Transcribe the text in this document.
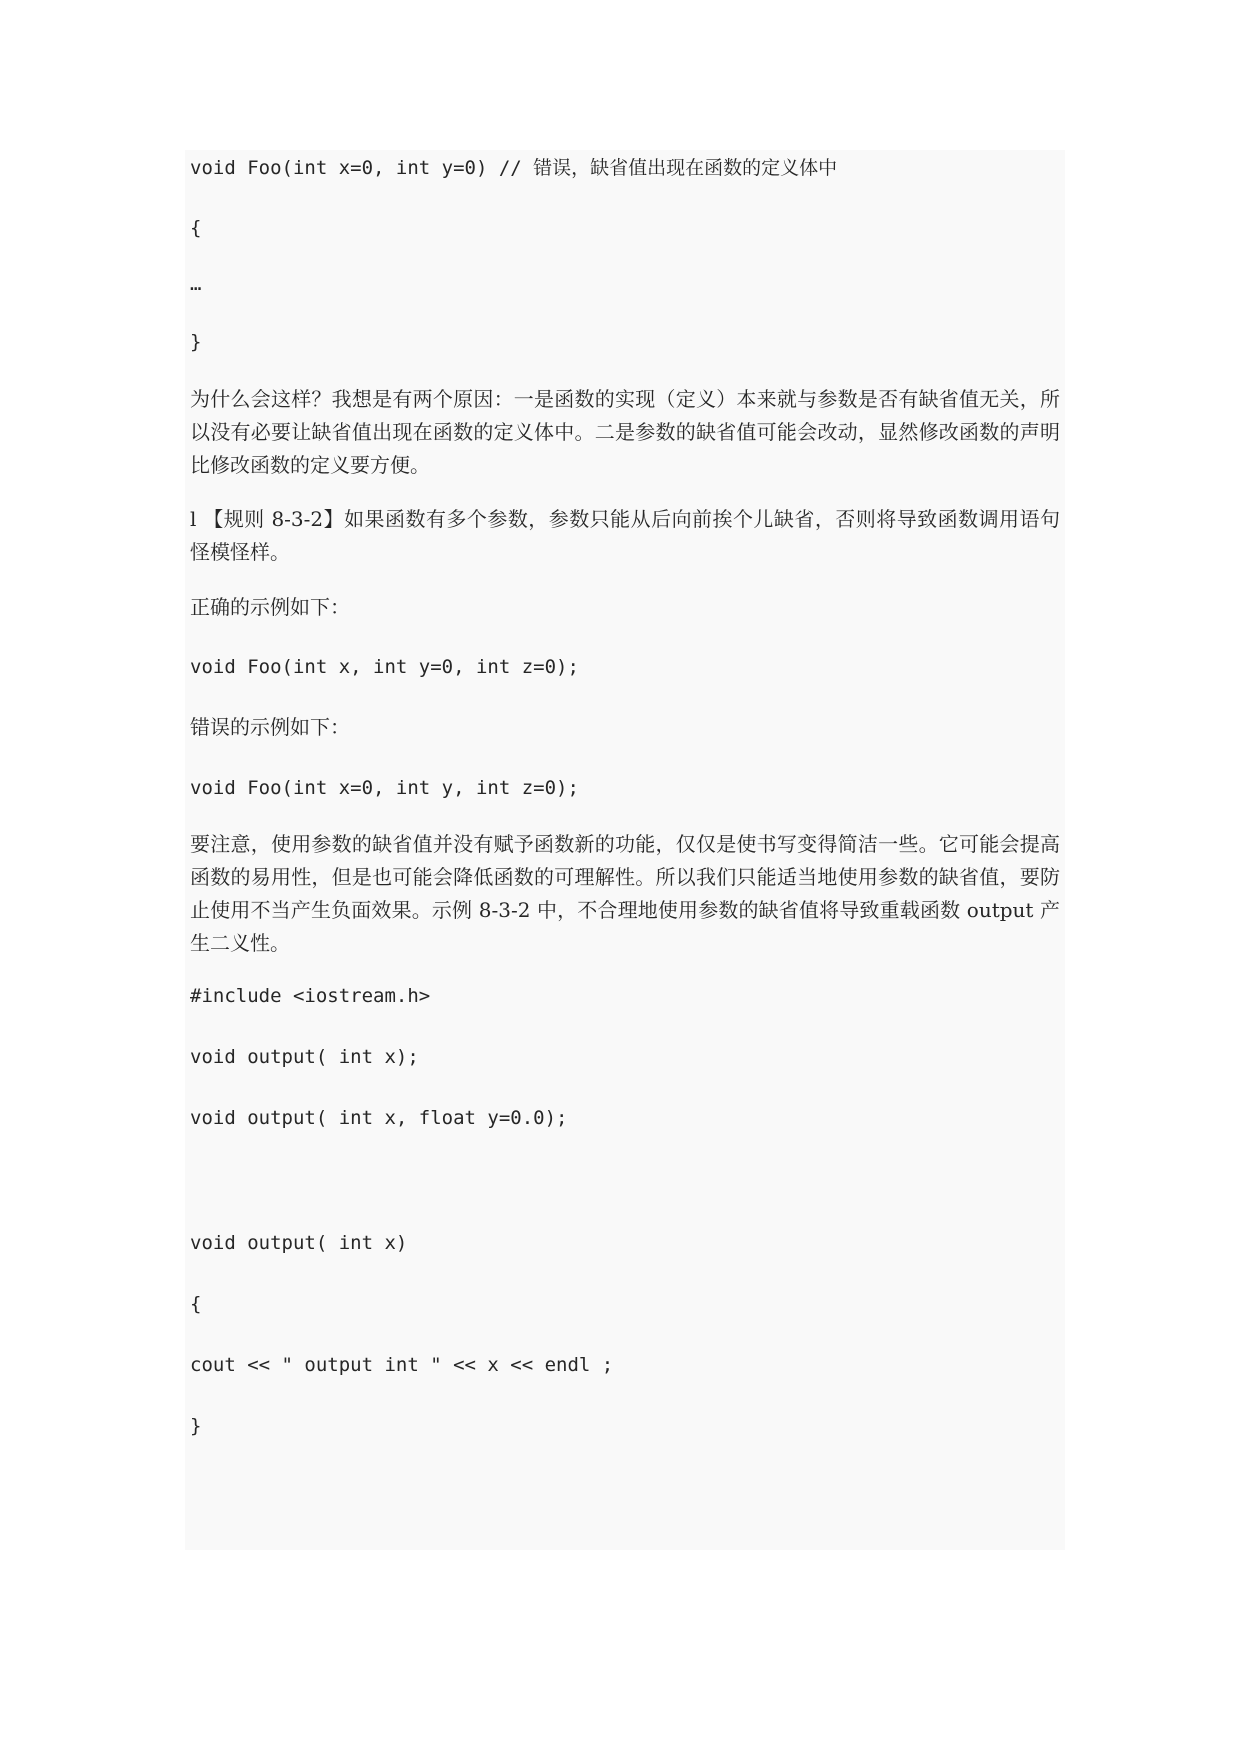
void Foo(int x=0, int y=0) // 错误，缺省值出现在函数的定义体中
{
…
}

为什么会这样？我想是有两个原因：一是函数的实现（定义）本来就与参数是否有缺省值无关，所以没有必要让缺省值出现在函数的定义体中。二是参数的缺省值可能会改动，显然修改函数的声明比修改函数的定义要方便。

l 【规则 8-3-2】如果函数有多个参数，参数只能从后向前挨个儿缺省，否则将导致函数调用语句怪模怪样。

正确的示例如下：
void Foo(int x, int y=0, int z=0);
错误的示例如下：
void Foo(int x=0, int y, int z=0);

要注意，使用参数的缺省值并没有赋予函数新的功能，仅仅是使书写变得简洁一些。它可能会提高函数的易用性，但是也可能会降低函数的可理解性。所以我们只能适当地使用参数的缺省值，要防止使用不当产生负面效果。示例 8-3-2 中，不合理地使用参数的缺省值将导致重载函数 output 产生二义性。

#include <iostream.h>
void output( int x);
void output( int x, float y=0.0);
void output( int x)
{
cout << " output int " << x << endl ;
}
